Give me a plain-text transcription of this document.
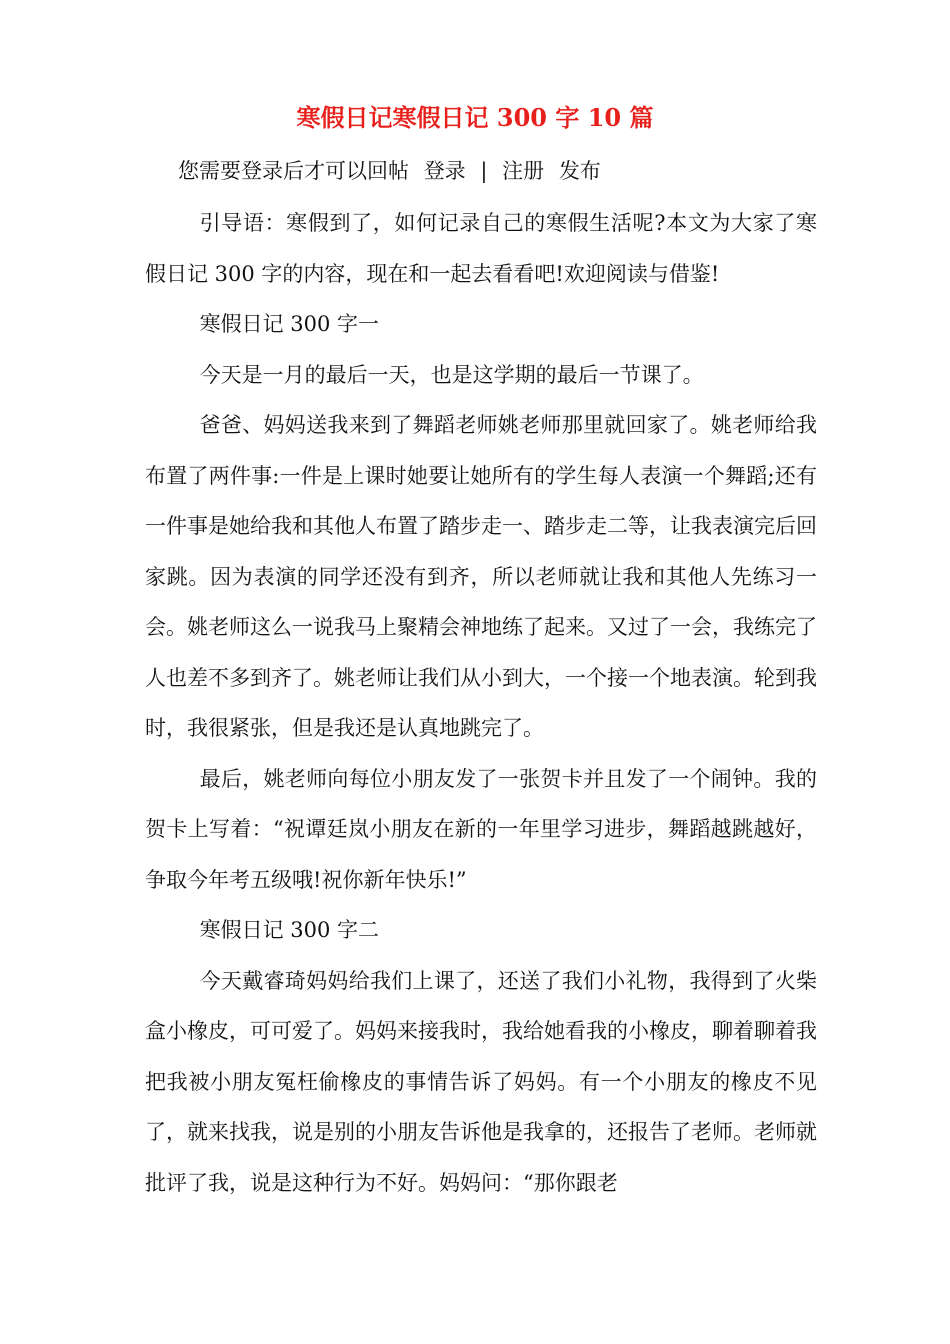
寒假日记寒假日记 300 字 10 篇
您需要登录后才可以回帖 登录 | 注册 发布

引导语：寒假到了，如何记录自己的寒假生活呢?本文为大家了寒假日记 300 字的内容，现在和一起去看看吧!欢迎阅读与借鉴!

寒假日记 300 字一

今天是一月的最后一天，也是这学期的最后一节课了。

爸爸、妈妈送我来到了舞蹈老师姚老师那里就回家了。姚老师给我布置了两件事:一件是上课时她要让她所有的学生每人表演一个舞蹈;还有一件事是她给我和其他人布置了踏步走一、踏步走二等，让我表演完后回家跳。因为表演的同学还没有到齐，所以老师就让我和其他人先练习一会。姚老师这么一说我马上聚精会神地练了起来。又过了一会，我练完了人也差不多到齐了。姚老师让我们从小到大，一个接一个地表演。轮到我时，我很紧张，但是我还是认真地跳完了。

最后，姚老师向每位小朋友发了一张贺卡并且发了一个闹钟。我的贺卡上写着：“祝谭廷岚小朋友在新的一年里学习进步，舞蹈越跳越好，争取今年考五级哦!祝你新年快乐!”

寒假日记 300 字二

今天戴睿琦妈妈给我们上课了，还送了我们小礼物，我得到了火柴盒小橡皮，可可爱了。妈妈来接我时，我给她看我的小橡皮，聊着聊着我把我被小朋友冤枉偷橡皮的事情告诉了妈妈。有一个小朋友的橡皮不见了，就来找我，说是别的小朋友告诉他是我拿的，还报告了老师。老师就批评了我，说是这种行为不好。妈妈问：“那你跟老
